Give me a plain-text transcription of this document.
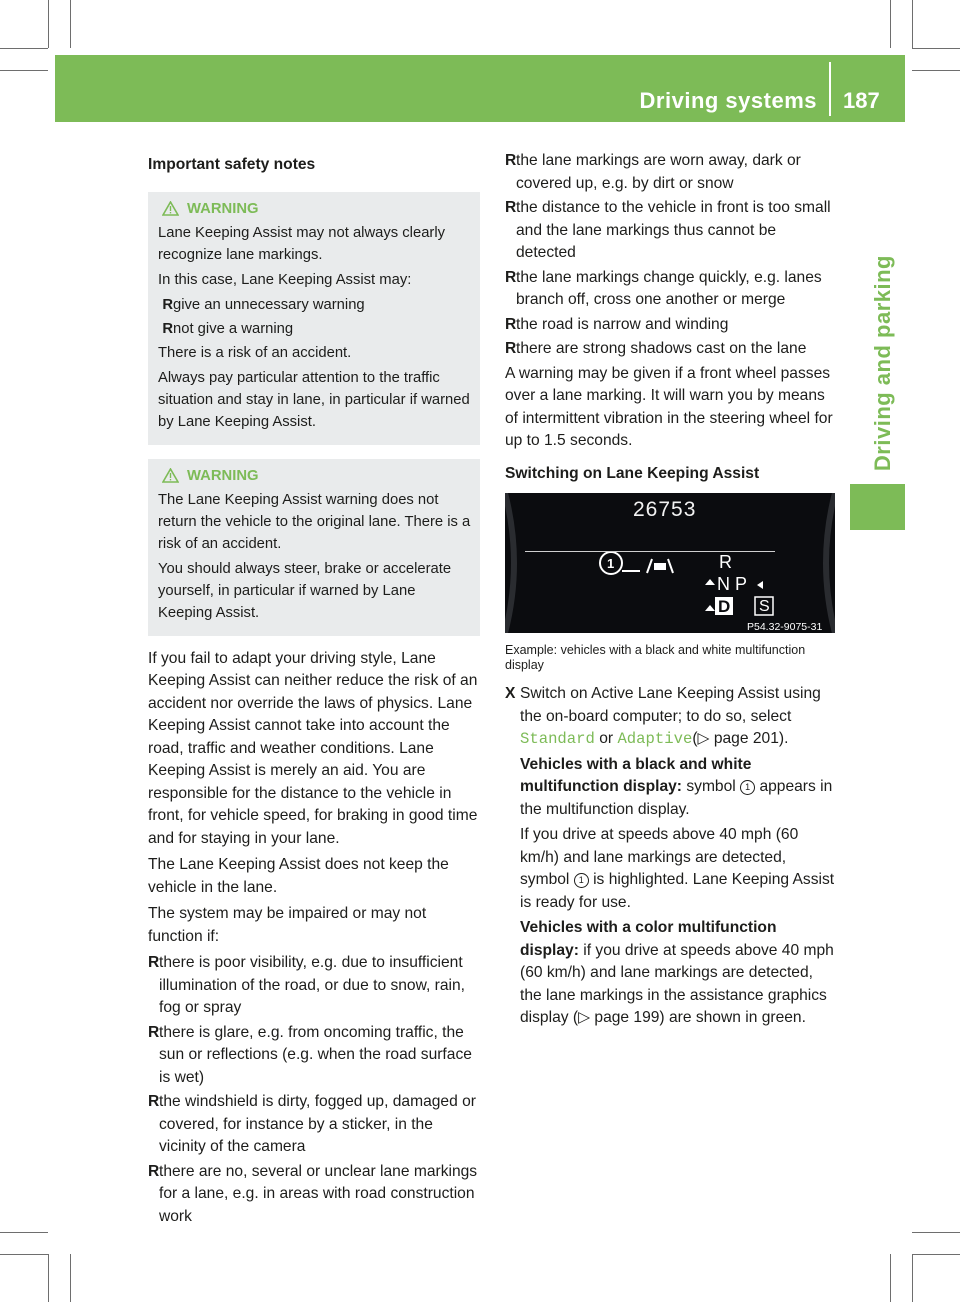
Driving systems 187
Driving and parking
Important safety notes
WARNING

Lane Keeping Assist may not always clearly recognize lane markings.

In this case, Lane Keeping Assist may:

R give an unnecessary warning
R not give a warning

There is a risk of an accident.

Always pay particular attention to the traffic situation and stay in lane, in particular if warned by Lane Keeping Assist.

WARNING

The Lane Keeping Assist warning does not return the vehicle to the original lane. There is a risk of an accident.

You should always steer, brake or accelerate yourself, in particular if warned by Lane Keeping Assist.

If you fail to adapt your driving style, Lane Keeping Assist can neither reduce the risk of an accident nor override the laws of physics. Lane Keeping Assist cannot take into account the road, traffic and weather conditions. Lane Keeping Assist is merely an aid. You are responsible for the distance to the vehicle in front, for vehicle speed, for braking in good time and for staying in your lane.

The Lane Keeping Assist does not keep the vehicle in the lane.

The system may be impaired or may not function if:

R there is poor visibility, e.g. due to insufficient illumination of the road, or due to snow, rain, fog or spray
R there is glare, e.g. from oncoming traffic, the sun or reflections (e.g. when the road surface is wet)
R the windshield is dirty, fogged up, damaged or covered, for instance by a sticker, in the vicinity of the camera
R there are no, several or unclear lane markings for a lane, e.g. in areas with road construction work
R the lane markings are worn away, dark or covered up, e.g. by dirt or snow
R the distance to the vehicle in front is too small and the lane markings thus cannot be detected
R the lane markings change quickly, e.g. lanes branch off, cross one another or merge
R the road is narrow and winding
R there are strong shadows cast on the lane

A warning may be given if a front wheel passes over a lane marking. It will warn you by means of intermittent vibration in the steering wheel for up to 1.5 seconds.

Switching on Lane Keeping Assist
26753
1	R
N P
D S
P54.32-9075-31
Example: vehicles with a black and white multifunction display
X Switch on Active Lane Keeping Assist using the on-board computer; to do so, select Standard or Adaptive(▷ page 201).

Vehicles with a black and white multifunction display: symbol 1 appears in the multifunction display.

If you drive at speeds above 40 mph (60 km/h) and lane markings are detected, symbol 1 is highlighted. Lane Keeping Assist is ready for use.

Vehicles with a color multifunction display: if you drive at speeds above 40 mph (60 km/h) and lane markings are detected, the lane markings in the assistance graphics display (▷ page 199) are shown in green.
